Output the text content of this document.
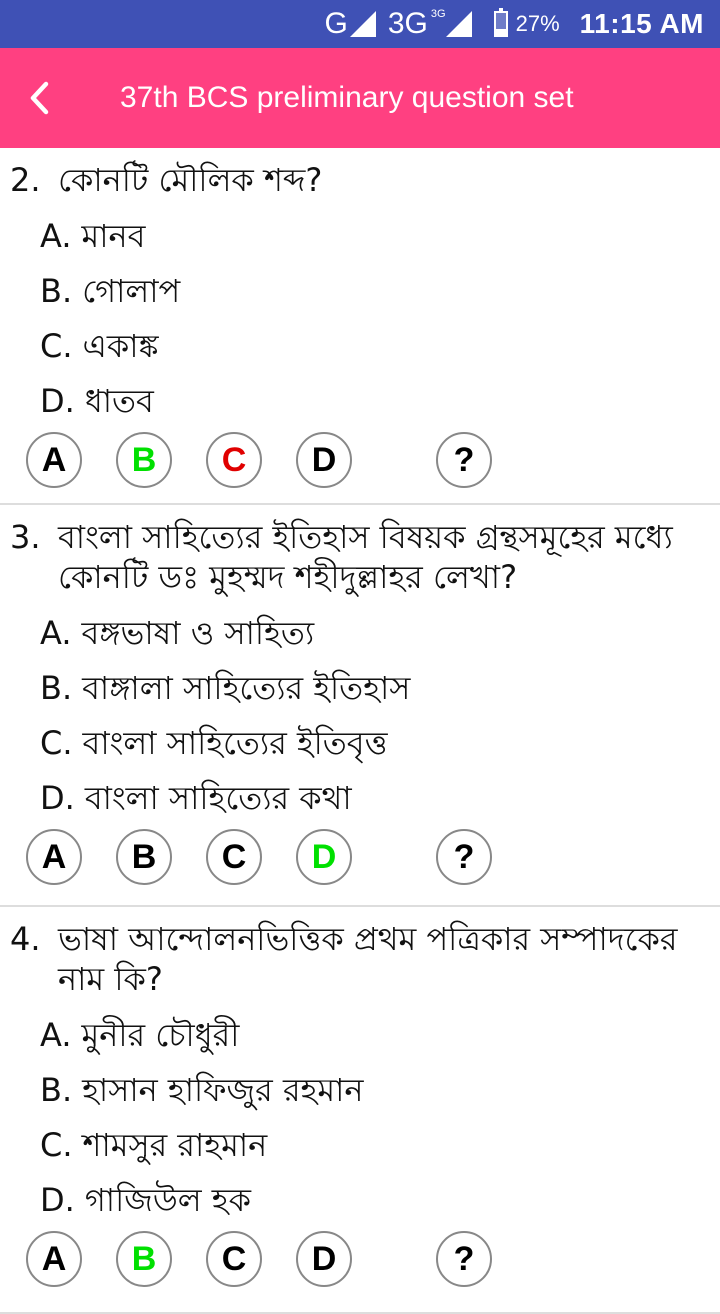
G 3G $^{3G}$	27% 11:15 AM
37th BCS preliminary question set
2. কোনটি মৌলিক শব্দ?
A. মানব
B. গোলাপ
C. একাঙ্ক
D. ধাতব
A	B	C	D	?
3. বাংলা সাহিত্যের ইতিহাস বিষয়ক গ্রন্থসমূহের মধ্যে কোনটি ডঃ মুহম্মদ শহীদুল্লাহর লেখা?
A. বঙ্গভাষা ও সাহিত্য
B. বাঙ্গালা সাহিত্যের ইতিহাস
C. বাংলা সাহিত্যের ইতিবৃত্ত
D. বাংলা সাহিত্যের কথা
A	B	C	D	?
4. ভাষা আন্দোলনভিত্তিক প্রথম পত্রিকার সম্পাদকের নাম কি?
A. মুনীর চৌধুরী
B. হাসান হাফিজুর রহমান
C. শামসুর রাহমান
D. গাজিউল হক
A	B	C	D	?
